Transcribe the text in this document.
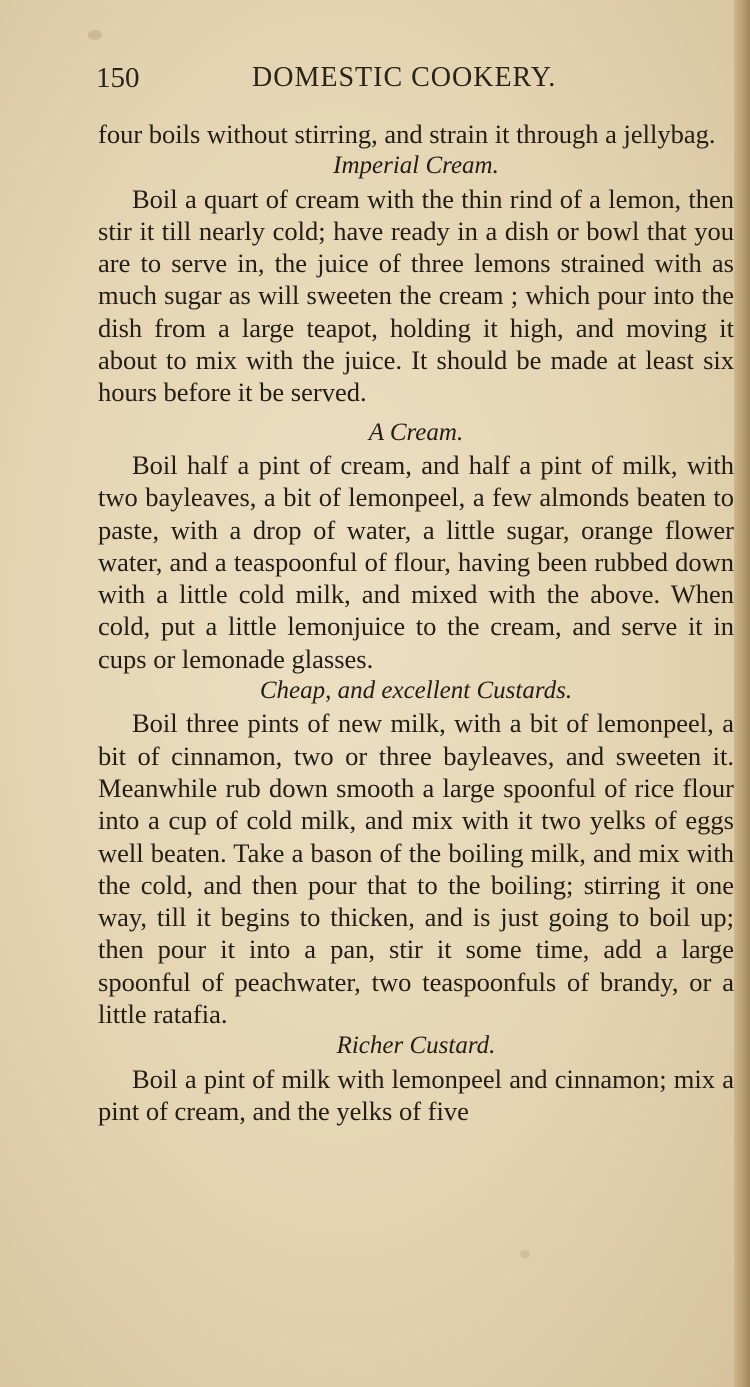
150	DOMESTIC COOKERY.

four boils without stirring, and strain it through a jellybag.

Imperial Cream.

Boil a quart of cream with the thin rind of a lemon, then stir it till nearly cold; have ready in a dish or bowl that you are to serve in, the juice of three lemons strained with as much sugar as will sweeten the cream ; which pour into the dish from a large teapot, holding it high, and moving it about to mix with the juice. It should be made at least six hours before it be served.

A Cream.

Boil half a pint of cream, and half a pint of milk, with two bayleaves, a bit of lemonpeel, a few almonds beaten to paste, with a drop of water, a little sugar, orange flower water, and a teaspoonful of flour, having been rubbed down with a little cold milk, and mixed with the above. When cold, put a little lemonjuice to the cream, and serve it in cups or lemonade glasses.

Cheap, and excellent Custards.

Boil three pints of new milk, with a bit of lemonpeel, a bit of cinnamon, two or three bayleaves, and sweeten it. Meanwhile rub down smooth a large spoonful of rice flour into a cup of cold milk, and mix with it two yelks of eggs well beaten. Take a bason of the boiling milk, and mix with the cold, and then pour that to the boiling; stirring it one way, till it begins to thicken, and is just going to boil up; then pour it into a pan, stir it some time, add a large spoonful of peachwater, two teaspoonfuls of brandy, or a little ratafia.

Richer Custard.

Boil a pint of milk with lemonpeel and cinnamon; mix a pint of cream, and the yelks of five
